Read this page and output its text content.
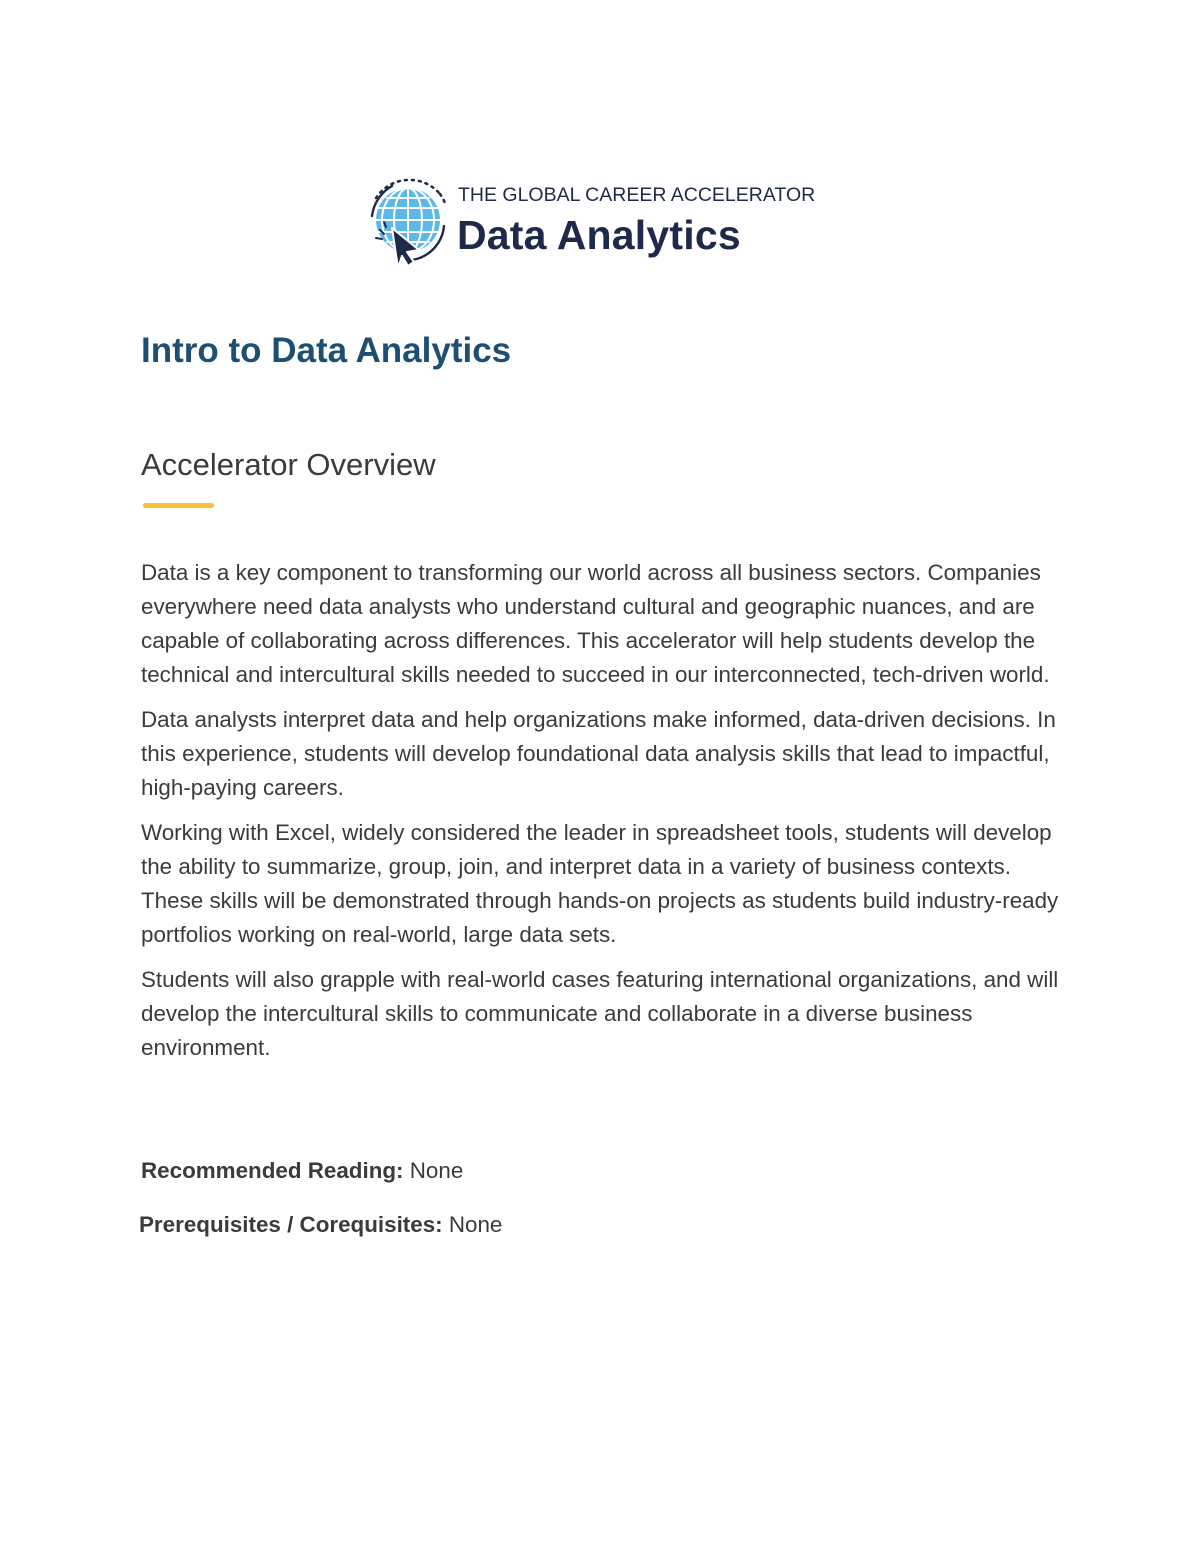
THE GLOBAL CAREER ACCELERATOR
Data Analytics
Intro to Data Analytics
Accelerator Overview

Data is a key component to transforming our world across all business sectors. Companies everywhere need data analysts who understand cultural and geographic nuances, and are capable of collaborating across differences. This accelerator will help students develop the technical and intercultural skills needed to succeed in our interconnected, tech-driven world.

Data analysts interpret data and help organizations make informed, data-driven decisions. In this experience, students will develop foundational data analysis skills that lead to impactful, high-paying careers.

Working with Excel, widely considered the leader in spreadsheet tools, students will develop the ability to summarize, group, join, and interpret data in a variety of business contexts. These skills will be demonstrated through hands-on projects as students build industry-ready portfolios working on real-world, large data sets.

Students will also grapple with real-world cases featuring international organizations, and will develop the intercultural skills to communicate and collaborate in a diverse business environment.

Recommended Reading: None
Prerequisites / Corequisites: None
